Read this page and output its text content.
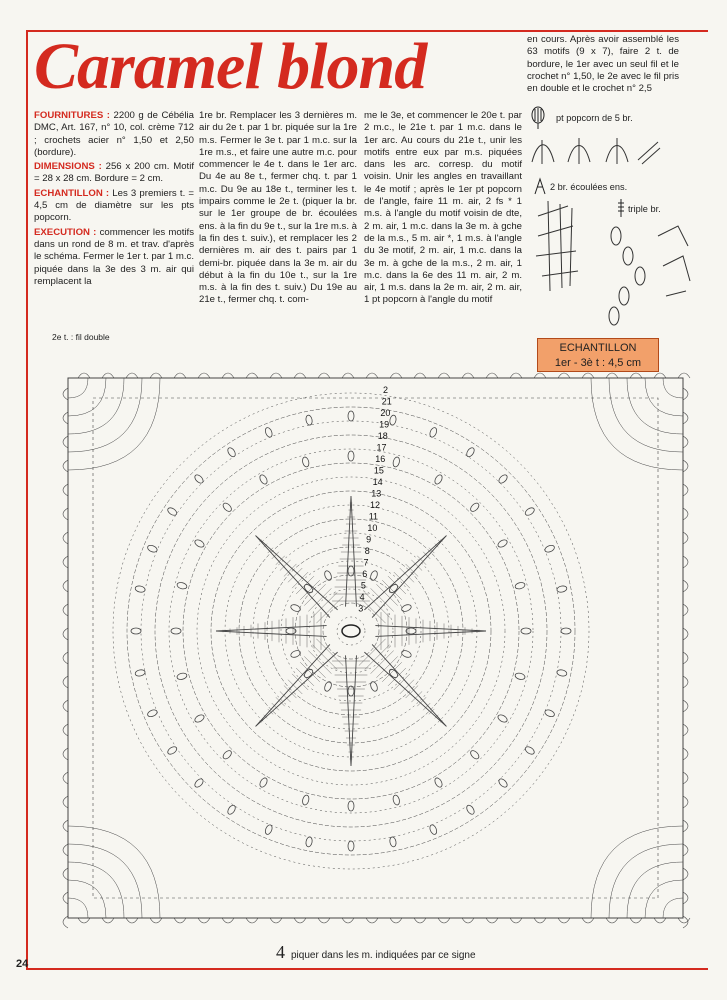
Caramel blond

FOURNITURES : 2200 g de Cébélia DMC, Art. 167, n° 10, col. crème 712 ; crochets acier n° 1,50 et 2,50 (bordure).

DIMENSIONS : 256 x 200 cm. Motif = 28 x 28 cm. Bordure = 2 cm.

ECHANTILLON : Les 3 premiers t. = 4,5 cm de diamètre sur les pts popcorn.

EXECUTION : commencer les motifs dans un rond de 8 m. et trav. d'après le schéma. Fermer le 1er t. par 1 m.c. piquée dans la 3e des 3 m. air qui remplacent la

1re br. Remplacer les 3 dernières m. air du 2e t. par 1 br. piquée sur la 1re m.s. Fermer le 3e t. par 1 m.c. sur la 1re m.s., et faire une autre m.c. pour commencer le 4e t. dans le 1er arc. Du 4e au 8e t., fermer chq. t. par 1 m.c. Du 9e au 18e t., terminer les t. impairs comme le 2e t. (piquer la br. sur le 1er groupe de br. écoulées ens. à la fin du 9e t., sur la 1re m.s. à la fin des t. suiv.), et remplacer les 2 dernières m. air des t. pairs par 1 demi-br. piquée dans la 3e m. air du début à la fin du 10e t., sur la 1re m.s. à la fin des t. suiv.) Du 19e au 21e t., fermer chq. t. com-
me le 3e, et commencer le 20e t. par 2 m.c., le 21e t. par 1 m.c. dans le 1er arc. Au cours du 21e t., unir les motifs entre eux par m.s. piquées dans les arc. corresp. du motif voisin. Unir les angles en travaillant le 4e motif ; après le 1er pt popcorn de l'angle, faire 11 m. air, 2 fs * 1 m.s. à l'angle du motif voisin de dte, 2 m. air, 1 m.c. dans la 3e m. à gche de la m.s., 5 m. air *, 1 m.s. à l'angle du 3e motif, 2 m. air, 1 m.c. dans la 3e m. à gche de la m.s., 2 m. air, 1 m.c. dans la 6e des 11 m. air, 2 m. air, 1 m.s. dans la 2e m. air, 2 m. air, 1 pt popcorn à l'angle du motif
en cours. Après avoir assemblé les 63 motifs (9 x 7), faire 2 t. de bordure, le 1er avec un seul fil et le crochet n° 1,50, le 2e avec le fil pris en double et le crochet n° 2,5
pt popcorn de 5 br.
2 br. écoulées ens.
triple br.
ECHANTILLON
1er - 3è t : 4,5 cm
2e t. : fil double
2
21
20
19
18
17
16
15
14
13
12
11
10
9
8
7
6
5
4
3
4 piquer dans les m. indiquées par ce signe
24
